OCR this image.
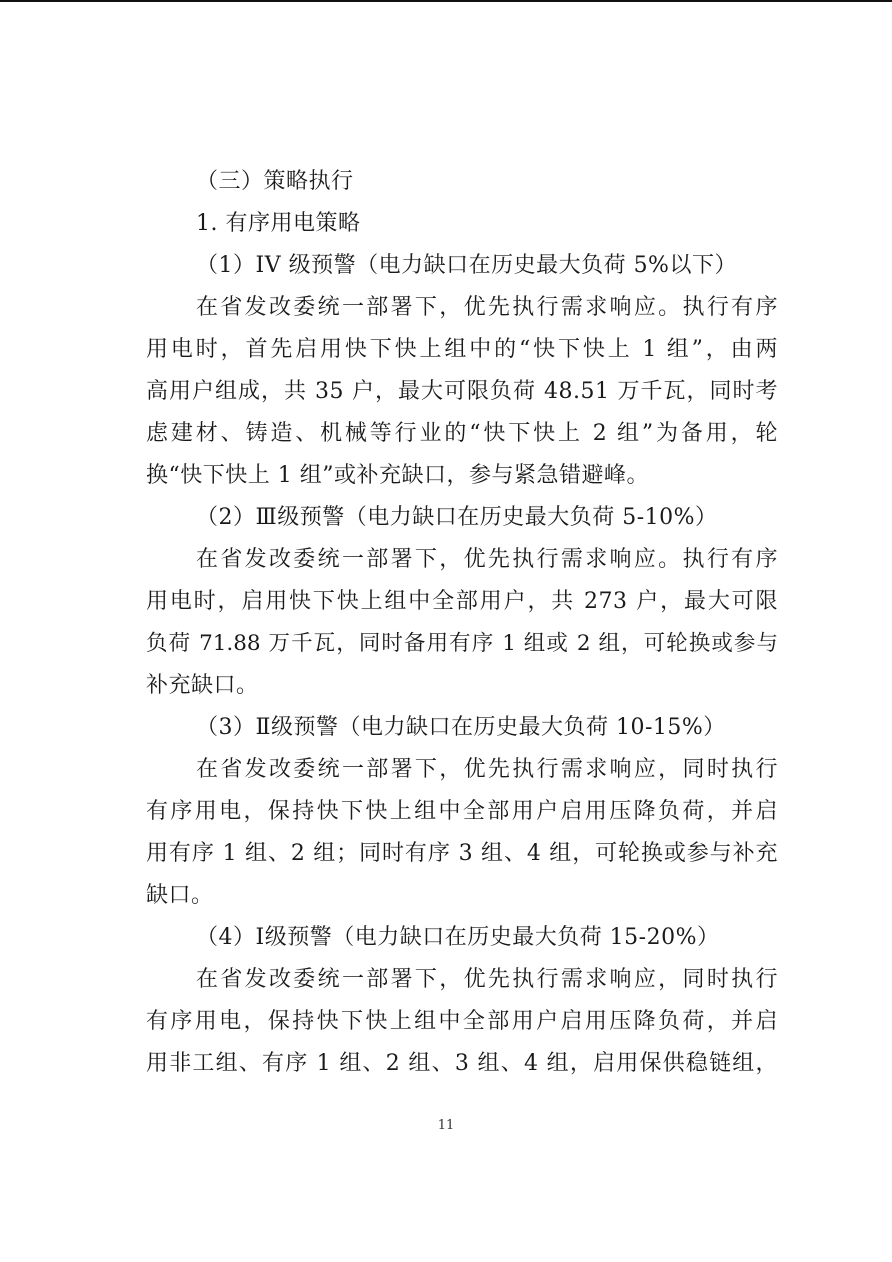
（三）策略执行
1. 有序用电策略
（1）IV 级预警（电力缺口在历史最大负荷 5%以下）
在省发改委统一部署下，优先执行需求响应。执行有序
用电时，首先启用快下快上组中的“快下快上 1 组”，由两
高用户组成，共 35 户，最大可限负荷 48.51 万千瓦，同时考
虑建材、铸造、机械等行业的“快下快上 2 组”为备用，轮
换“快下快上 1 组”或补充缺口，参与紧急错避峰。
（2）Ⅲ级预警（电力缺口在历史最大负荷 5-10%）
在省发改委统一部署下，优先执行需求响应。执行有序
用电时，启用快下快上组中全部用户，共 273 户，最大可限
负荷 71.88 万千瓦，同时备用有序 1 组或 2 组，可轮换或参与
补充缺口。
（3）Ⅱ级预警（电力缺口在历史最大负荷 10-15%）
在省发改委统一部署下，优先执行需求响应，同时执行
有序用电，保持快下快上组中全部用户启用压降负荷，并启
用有序 1 组、2 组；同时有序 3 组、4 组，可轮换或参与补充
缺口。
（4）Ⅰ级预警（电力缺口在历史最大负荷 15-20%）
在省发改委统一部署下，优先执行需求响应，同时执行
有序用电，保持快下快上组中全部用户启用压降负荷，并启
用非工组、有序 1 组、2 组、3 组、4 组，启用保供稳链组，
11
